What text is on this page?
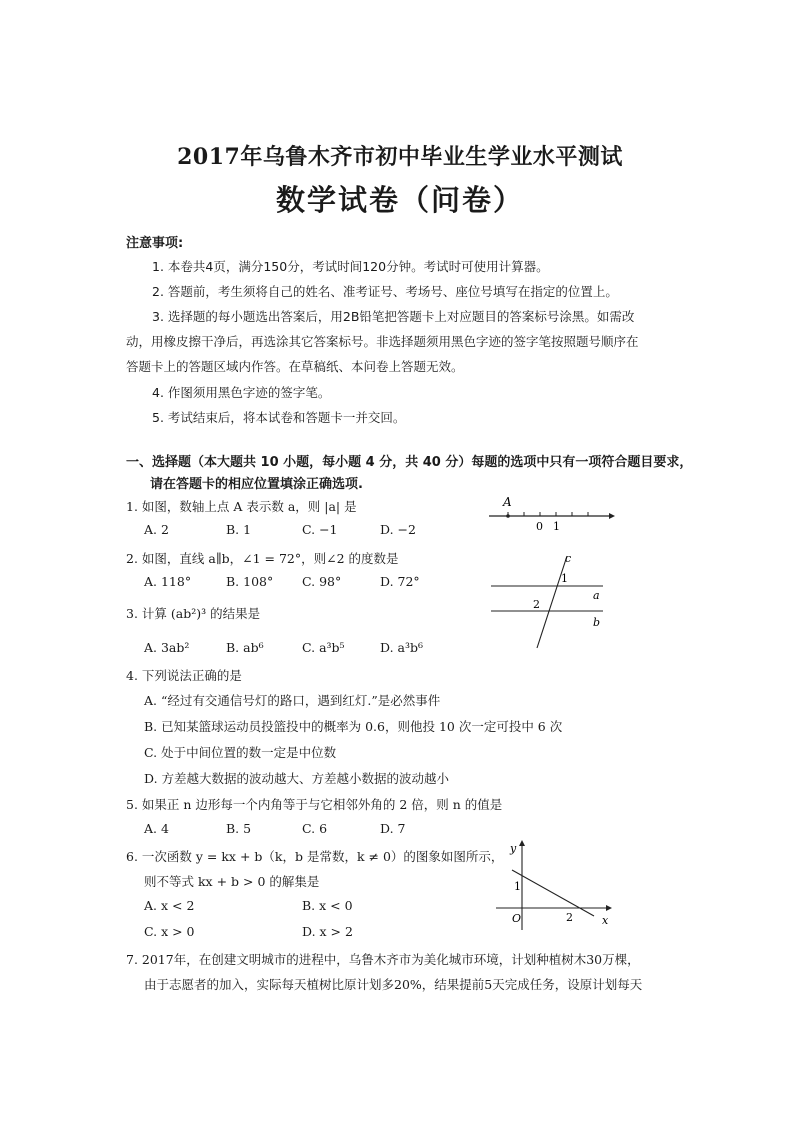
2017年乌鲁木齐市初中毕业生学业水平测试
数学试卷（问卷）
注意事项:
1. 本卷共4页，满分150分，考试时间120分钟。考试时可使用计算器。
2. 答题前，考生须将自己的姓名、准考证号、考场号、座位号填写在指定的位置上。
3. 选择题的每小题选出答案后，用2B铅笔把答题卡上对应题目的答案标号涂黑。如需改
动，用橡皮擦干净后，再选涂其它答案标号。非选择题须用黑色字迹的签字笔按照题号顺序在
答题卡上的答题区域内作答。在草稿纸、本问卷上答题无效。
4. 作图须用黑色字迹的签字笔。
5. 考试结束后，将本试卷和答题卡一并交回。
一、选择题（本大题共 10 小题，每小题 4 分，共 40 分）每题的选项中只有一项符合题目要求，
请在答题卡的相应位置填涂正确选项.
1. 如图，数轴上点 A 表示数 a，则 |a| 是
A. 2	B. 1	C. −1	D. −2
A
0 1
2. 如图，直线 a∥b，∠1 = 72°，则∠2 的度数是
A. 118°	B. 108° C. 98°	D. 72°
c
1
2
a
b
3. 计算 (ab²)³ 的结果是
A. 3ab²	B. ab⁶	C. a³b⁵	D. a³b⁶
4. 下列说法正确的是
A. “经过有交通信号灯的路口，遇到红灯.”是必然事件
B. 已知某篮球运动员投篮投中的概率为 0.6，则他投 10 次一定可投中 6 次
C. 处于中间位置的数一定是中位数
D. 方差越大数据的波动越大、方差越小数据的波动越小
5. 如果正 n 边形每一个内角等于与它相邻外角的 2 倍，则 n 的值是
A. 4	B. 5	C. 6	D. 7
6. 一次函数 y = kx + b（k，b 是常数，k ≠ 0）的图象如图所示，
则不等式 kx + b > 0 的解集是
A. x < 2	B. x < 0
C. x > 0	D. x > 2
y
x
O
1
2
7. 2017年，在创建文明城市的进程中，乌鲁木齐市为美化城市环境，计划种植树木30万棵，
由于志愿者的加入，实际每天植树比原计划多20%，结果提前5天完成任务，设原计划每天
